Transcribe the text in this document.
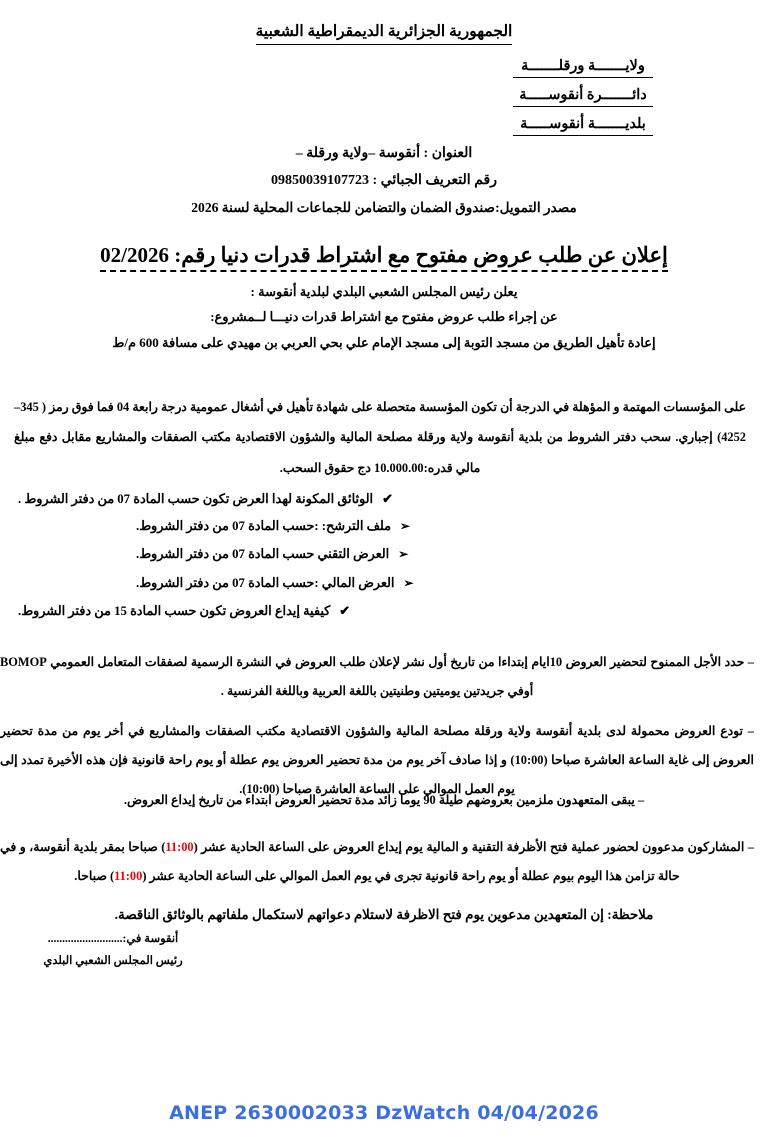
الجمهورية الجزائرية الديمقراطية الشعبية
ولايـــــــة ورقلـــــــة
دائـــــــرة أنقوســـــة
بلديـــــــة أنقوســـــة
العنوان : أنقوسة –ولاية ورقلة –
رقم التعريف الجبائي : 09850039107723
مصدر التمويل:صندوق الضمان والتضامن للجماعات المحلية لسنة 2026
إعلان عن طلب عروض مفتوح مع اشتراط قدرات دنيا رقم: 02/2026
يعلن رئيس المجلس الشعبي البلدي لبلدية أنقوسة :
عن إجراء طلب عروض مفتوح مع اشتراط قدرات دنيـــا لــمشروع:
إعادة تأهيل الطريق من مسجد التوبة إلى مسجد الإمام علي بحي العربي بن مهيدي على مسافة 600 م/ط
على المؤسسات المهتمة و المؤهلة في الدرجة أن تكون المؤسسة متحصلة على شهادة تأهيل في أشغال عمومية درجة رابعة 04 فما فوق رمز ( 345–4252) إجباري. سحب دفتر الشروط من بلدية أنقوسة ولاية ورقلة مصلحة المالية والشؤون الاقتصادية مكتب الصفقات والمشاريع مقابل دفع مبلغ مالي قدره:10.000.00 دج حقوق السحب.
✔
الوثائق المكونة لهدا العرض تكون حسب المادة 07 من دفتر الشروط .
➢
ملف الترشح: :حسب المادة 07 من دفتر الشروط.
➢
العرض التقني حسب المادة 07 من دفتر الشروط.
➢
العرض المالي :حسب المادة 07 من دفتر الشروط.
✔
كيفية إيداع العروض تكون حسب المادة 15 من دفتر الشروط.
– حدد الأجل الممنوح لتحضير العروض 10ايام إبتداءا من تاريخ أول نشر لإعلان طلب العروض في النشرة الرسمية لصفقات المتعامل العمومي BOMOP أوفي جريدتين يوميتين وطنيتين باللغة العربية وباللغة الفرنسية .
– تودع العروض محمولة لدى بلدية أنقوسة ولاية ورقلة مصلحة المالية والشؤون الاقتصادية مكتب الصفقات والمشاريع في أخر يوم من مدة تحضير العروض إلى غاية الساعة العاشرة صباحا (10:00) و إذا صادف آخر يوم من مدة تحضير العروض يوم عطلة أو يوم راحة قانونية فإن هذه الأخيرة تمدد إلى يوم العمل الموالي على الساعة العاشرة صباحا (10:00).
– يبقى المتعهدون ملزمين بعروضهم طيلة 90 يوما زائد مدة تحضير العروض ابتداء من تاريخ إيداع العروض.
– المشاركون مدعوون لحضور عملية فتح الأظرفة التقنية و المالية يوم إيداع العروض على الساعة الحادية عشر (11:00) صباحا بمقر بلدية أنقوسة، و في حالة تزامن هذا اليوم بيوم عطلة أو يوم راحة قانونية تجرى في يوم العمل الموالي على الساعة الحادية عشر (11:00) صباحا.
ملاحظة: إن المتعهدين مدعوين يوم فتح الاظرفة لاستلام دعواتهم لاستكمال ملفاتهم بالوثائق الناقصة.
أنقوسة في:..........................
رئيس المجلس الشعبي البلدي
ANEP 2630002033 DzWatch 04/04/2026
